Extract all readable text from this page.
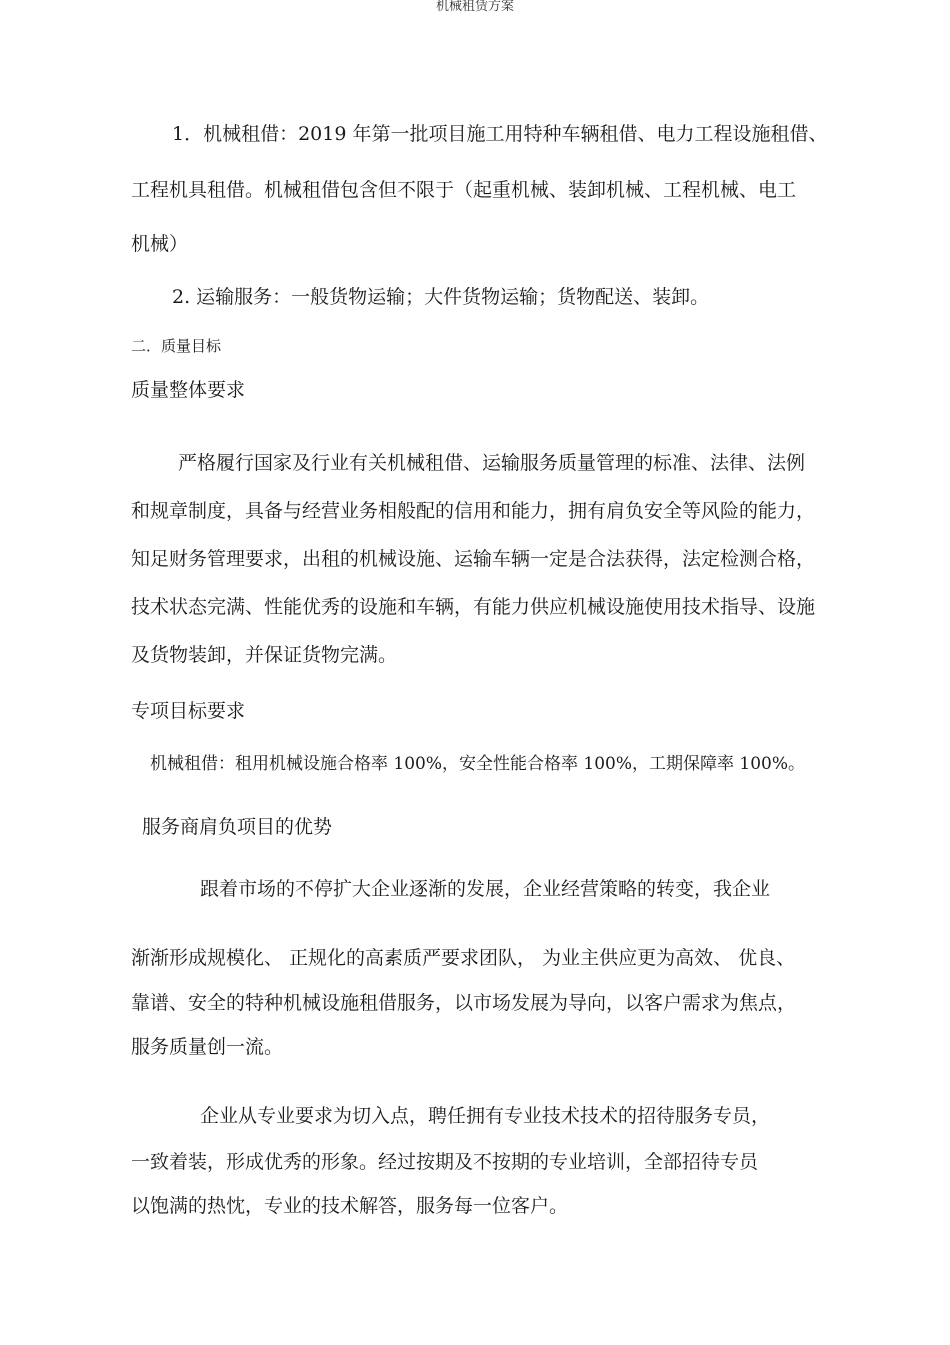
机械租赁方案

1．机械租借：2019 年第一批项目施工用特种车辆租借、电力工程设施租借、

工程机具租借。机械租借包含但不限于（起重机械、装卸机械、工程机械、电工

机械）

2. 运输服务：一般货物运输；大件货物运输；货物配送、装卸。

二．质量目标

质量整体要求

严格履行国家及行业有关机械租借、运输服务质量管理的标准、法律、法例

和规章制度，具备与经营业务相般配的信用和能力，拥有肩负安全等风险的能力，

知足财务管理要求，出租的机械设施、运输车辆一定是合法获得，法定检测合格，

技术状态完满、性能优秀的设施和车辆，有能力供应机械设施使用技术指导、设施

及货物装卸，并保证货物完满。

专项目标要求

机械租借：租用机械设施合格率 100%，安全性能合格率 100%，工期保障率 100%。

服务商肩负项目的优势

跟着市场的不停扩大企业逐渐的发展，企业经营策略的转变，我企业

渐渐形成规模化、 正规化的高素质严要求团队， 为业主供应更为高效、 优良、

靠谱、安全的特种机械设施租借服务，以市场发展为导向，以客户需求为焦点，

服务质量创一流。

企业从专业要求为切入点，聘任拥有专业技术技术的招待服务专员，

一致着装，形成优秀的形象。经过按期及不按期的专业培训，全部招待专员

以饱满的热忱，专业的技术解答，服务每一位客户。
